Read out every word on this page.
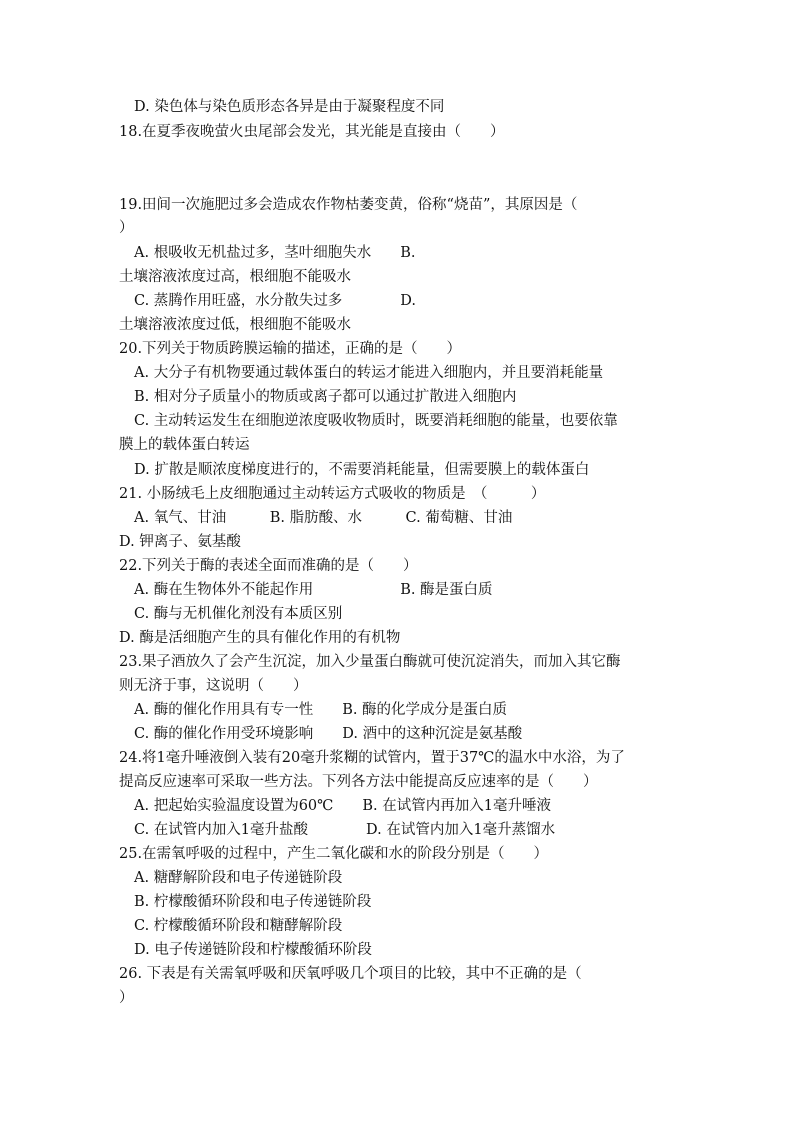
D. 染色体与染色质形态各异是由于凝聚程度不同
18.在夏季夜晚萤火虫尾部会发光，其光能是直接由（　　）
19.田间一次施肥过多会造成农作物枯萎变黄，俗称“烧苗”，其原因是（
）
A. 根吸收无机盐过多，茎叶细胞失水　　B.
土壤溶液浓度过高，根细胞不能吸水
C. 蒸腾作用旺盛，水分散失过多　　　　D.
土壤溶液浓度过低，根细胞不能吸水
20.下列关于物质跨膜运输的描述，正确的是（　　）
A. 大分子有机物要通过载体蛋白的转运才能进入细胞内，并且要消耗能量
B. 相对分子质量小的物质或离子都可以通过扩散进入细胞内
C. 主动转运发生在细胞逆浓度吸收物质时，既要消耗细胞的能量，也要依靠
膜上的载体蛋白转运
D. 扩散是顺浓度梯度进行的，不需要消耗能量，但需要膜上的载体蛋白
21. 小肠绒毛上皮细胞通过主动转运方式吸收的物质是　（　　　）
A. 氧气、甘油　　　B. 脂肪酸、水　　　C. 葡萄糖、甘油
D. 钾离子、氨基酸
22.下列关于酶的表述全面而准确的是（　　）
A. 酶在生物体外不能起作用　　　　　　B. 酶是蛋白质
C. 酶与无机催化剂没有本质区别
D. 酶是活细胞产生的具有催化作用的有机物
23.果子酒放久了会产生沉淀，加入少量蛋白酶就可使沉淀消失，而加入其它酶
则无济于事，这说明（　　）
A. 酶的催化作用具有专一性　　B. 酶的化学成分是蛋白质
C. 酶的催化作用受环境影响　　D. 酒中的这种沉淀是氨基酸
24.将1毫升唾液倒入装有20毫升浆糊的试管内，置于37℃的温水中水浴，为了
提高反应速率可采取一些方法。下列各方法中能提高反应速率的是（　　）
A. 把起始实验温度设置为60℃　　B. 在试管内再加入1毫升唾液
C. 在试管内加入1毫升盐酸　　　　D. 在试管内加入1毫升蒸馏水
25.在需氧呼吸的过程中，产生二氧化碳和水的阶段分别是（　　）
A. 糖酵解阶段和电子传递链阶段
B. 柠檬酸循环阶段和电子传递链阶段
C. 柠檬酸循环阶段和糖酵解阶段
D. 电子传递链阶段和柠檬酸循环阶段
26. 下表是有关需氧呼吸和厌氧呼吸几个项目的比较，其中不正确的是（
）
